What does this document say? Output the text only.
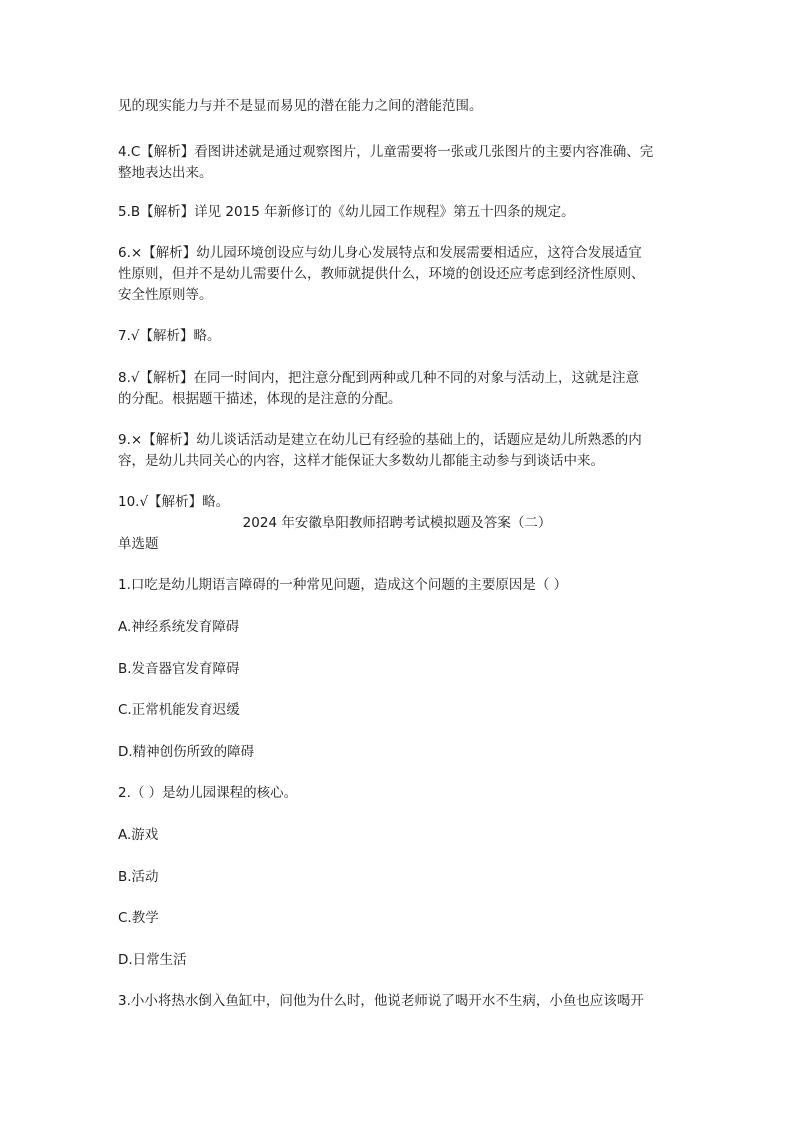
见的现实能力与并不是显而易见的潜在能力之间的潜能范围。
4.C【解析】看图讲述就是通过观察图片，儿童需要将一张或几张图片的主要内容准确、完
整地表达出来。
5.B【解析】详见 2015 年新修订的《幼儿园工作规程》第五十四条的规定。
6.×【解析】幼儿园环境创设应与幼儿身心发展特点和发展需要相适应，这符合发展适宜
性原则，但并不是幼儿需要什么，教师就提供什么，环境的创设还应考虑到经济性原则、
安全性原则等。
7.√【解析】略。
8.√【解析】在同一时间内，把注意分配到两种或几种不同的对象与活动上，这就是注意
的分配。根据题干描述，体现的是注意的分配。
9.×【解析】幼儿谈话活动是建立在幼儿已有经验的基础上的，话题应是幼儿所熟悉的内
容，是幼儿共同关心的内容，这样才能保证大多数幼儿都能主动参与到谈话中来。
10.√【解析】略。
2024 年安徽阜阳教师招聘考试模拟题及答案（二）
单选题
1.口吃是幼儿期语言障碍的一种常见问题，造成这个问题的主要原因是（ ）
A.神经系统发育障碍
B.发音器官发育障碍
C.正常机能发育迟缓
D.精神创伤所致的障碍
2.（ ）是幼儿园课程的核心。
A.游戏
B.活动
C.教学
D.日常生活
3.小小将热水倒入鱼缸中，问他为什么时，他说老师说了喝开水不生病，小鱼也应该喝开
